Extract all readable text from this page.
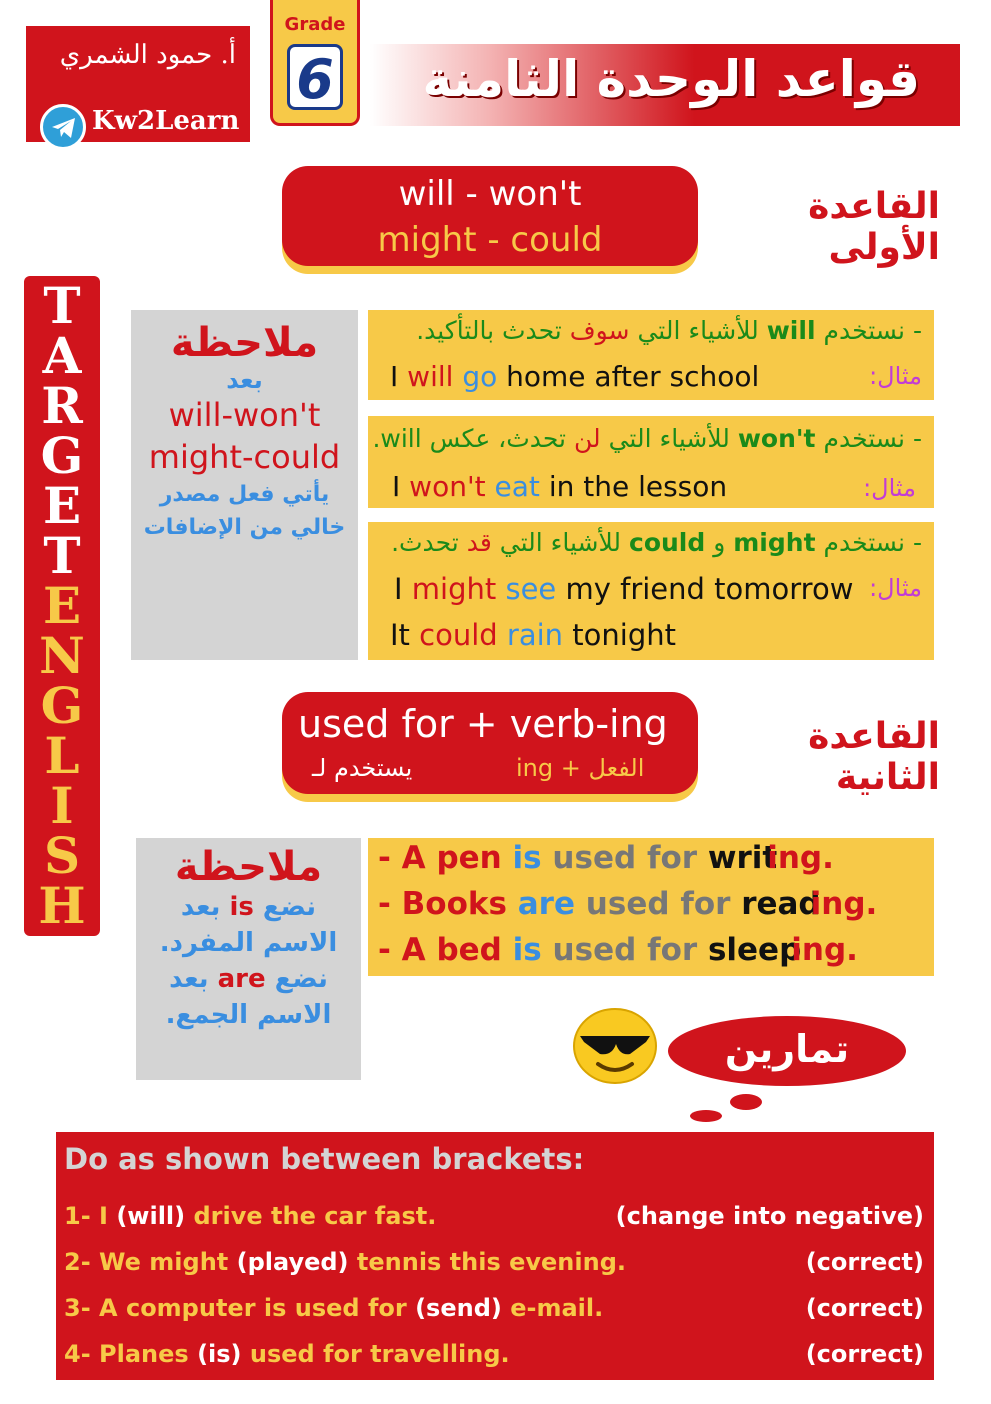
أ. حمود الشمري
Kw2Learn
Grade
6 قواعد الوحدة الثامنة
T
A
R
G
E
T
E
N
G
L
I
S
H
will - won't
might - could
القاعدة الأولى
ملاحظة
بعد
will-won't
might-could
يأتي فعل مصدر
خالي من الإضافات
- نستخدم will للأشياء التي سوف تحدث بالتأكيد.
I will go home after school	مثال:
- نستخدم won't للأشياء التي لن تحدث، عكس will.
I won't eat in the lesson	مثال:
- نستخدم might و could للأشياء التي قد تحدث.
I might see my friend tomorrow مثال:
It could rain tonight
used for + verb-ing
الفعل + ing
يستخدم لـ
القاعدة الثانية
ملاحظة
نضع is بعد
الاسم المفرد.
نضع are بعد
الاسم الجمع.
- A pen is used for writing.
- Books are used for reading.
- A bed is used for sleeping.
تمارين
Do as shown between brackets:
1- I (will) drive the car fast.	(change into negative)
2- We might (played) tennis this evening.	(correct)
3- A computer is used for (send) e-mail.	(correct)
4- Planes (is) used for travelling.	(correct)
